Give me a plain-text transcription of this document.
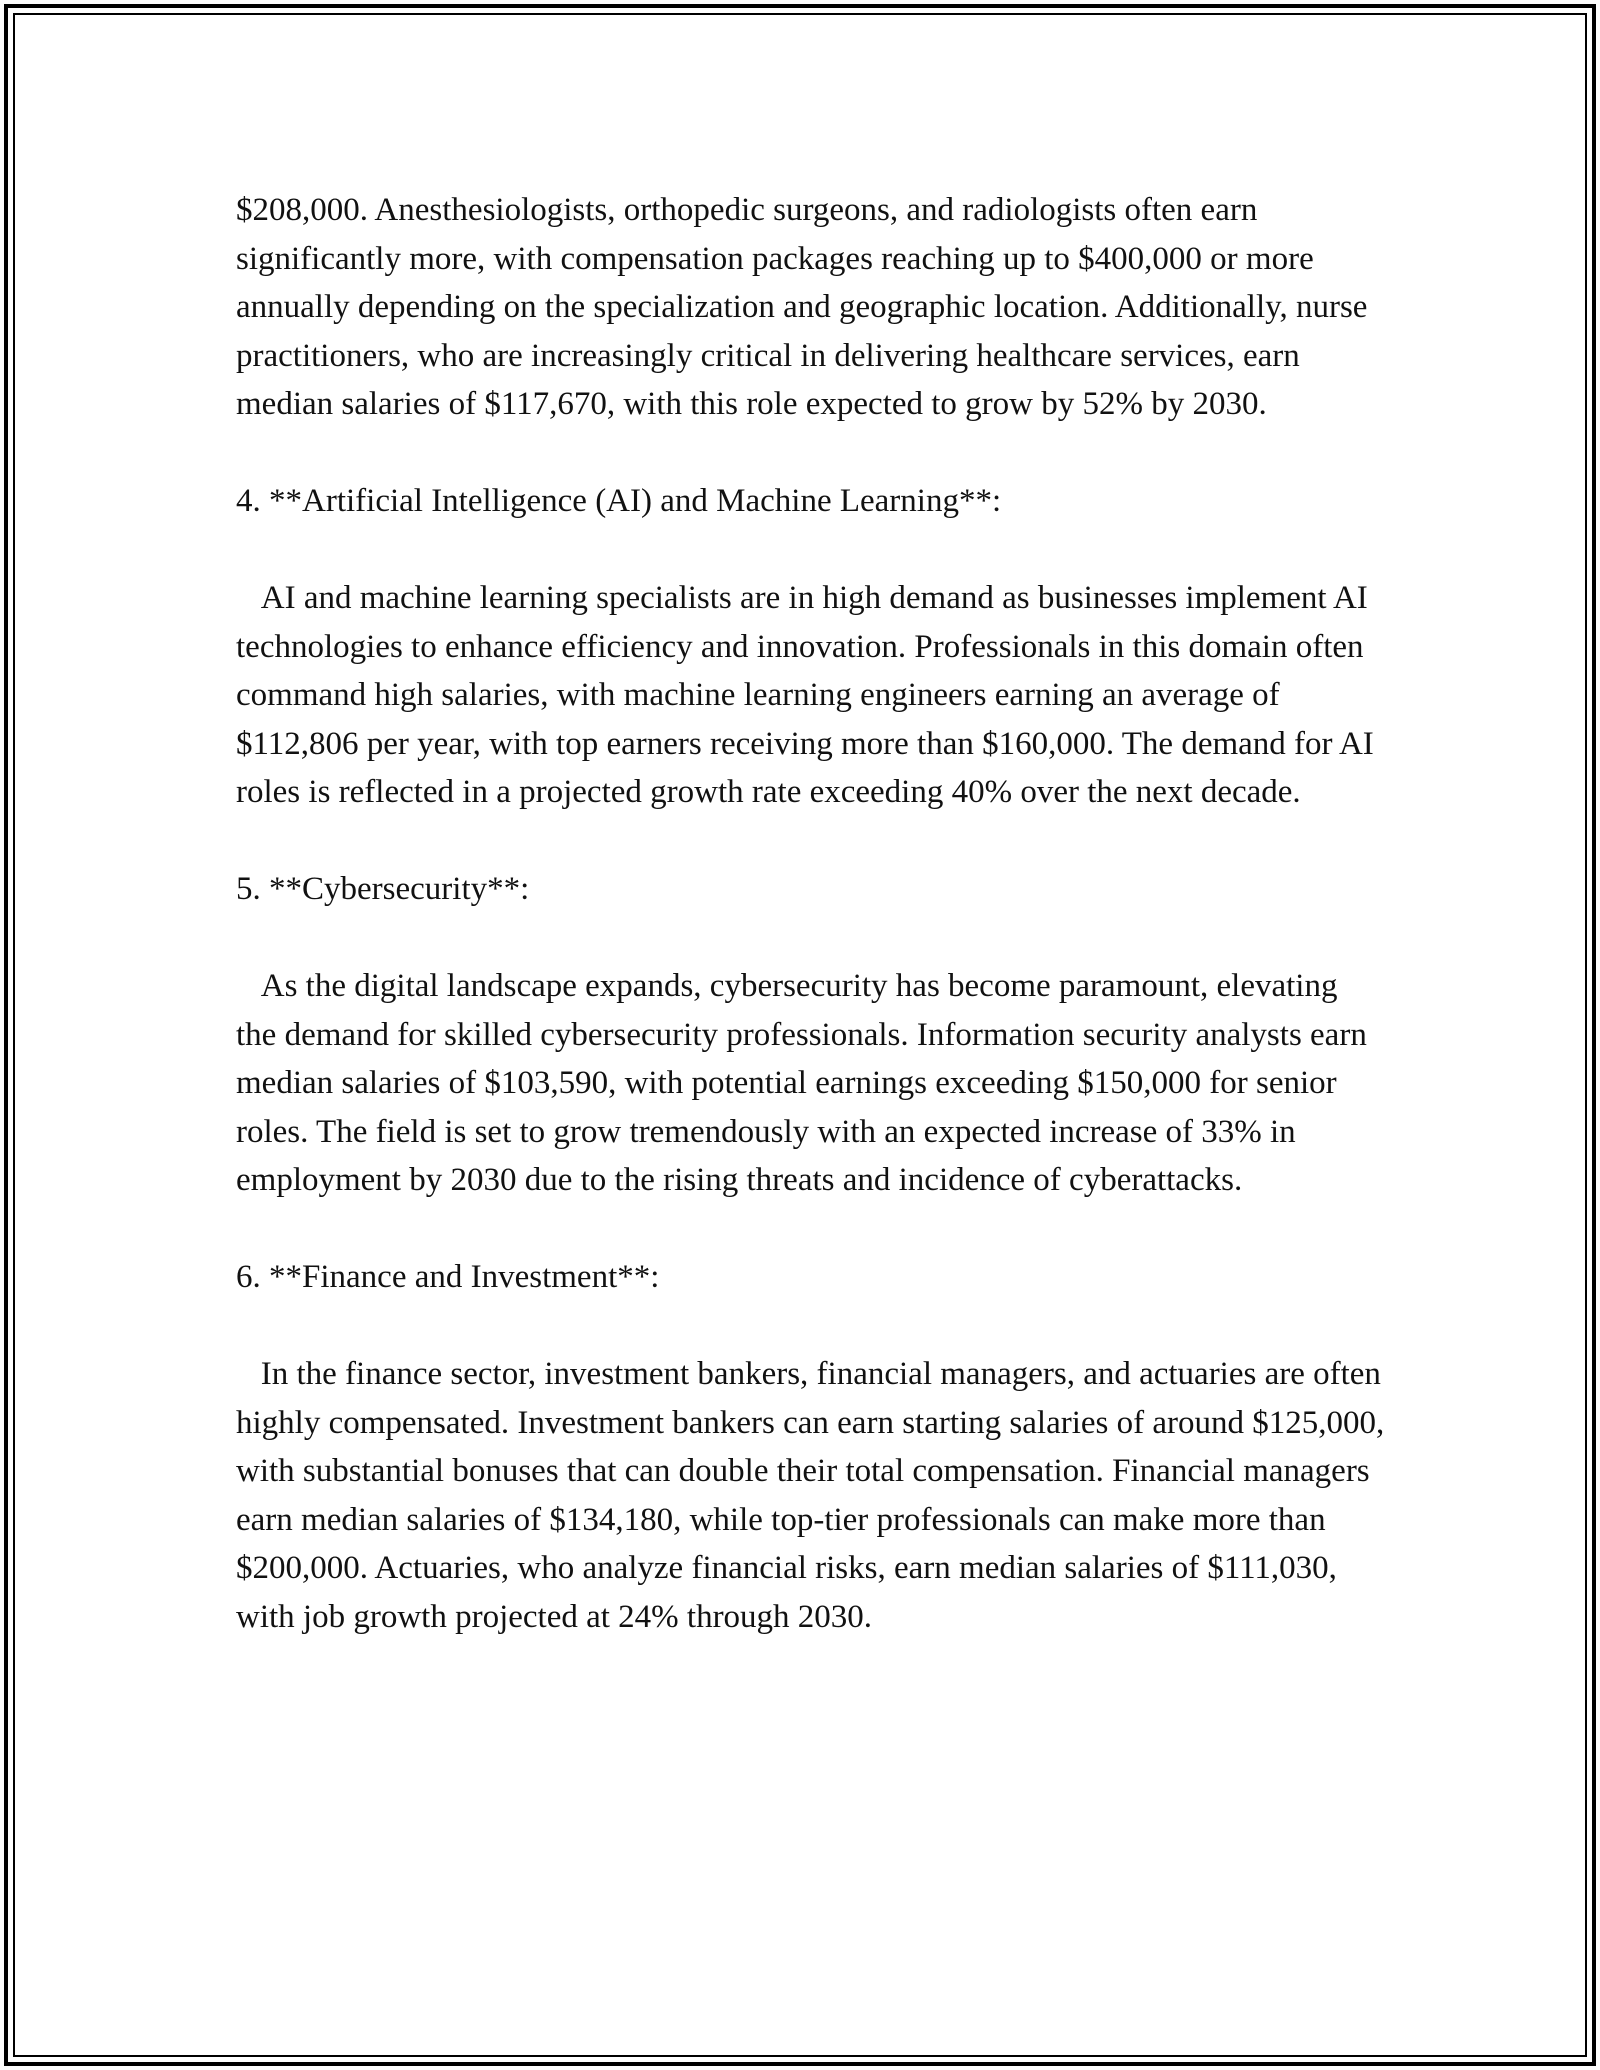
$208,000. Anesthesiologists, orthopedic surgeons, and radiologists often earn significantly more, with compensation packages reaching up to $400,000 or more annually depending on the specialization and geographic location. Additionally, nurse practitioners, who are increasingly critical in delivering healthcare services, earn median salaries of $117,670, with this role expected to grow by 52% by 2030.

4. **Artificial Intelligence (AI) and Machine Learning**:

AI and machine learning specialists are in high demand as businesses implement AI technologies to enhance efficiency and innovation. Professionals in this domain often command high salaries, with machine learning engineers earning an average of $112,806 per year, with top earners receiving more than $160,000. The demand for AI roles is reflected in a projected growth rate exceeding 40% over the next decade.

5. **Cybersecurity**:

As the digital landscape expands, cybersecurity has become paramount, elevating the demand for skilled cybersecurity professionals. Information security analysts earn median salaries of $103,590, with potential earnings exceeding $150,000 for senior roles. The field is set to grow tremendously with an expected increase of 33% in employment by 2030 due to the rising threats and incidence of cyberattacks.

6. **Finance and Investment**:

In the finance sector, investment bankers, financial managers, and actuaries are often highly compensated. Investment bankers can earn starting salaries of around $125,000, with substantial bonuses that can double their total compensation. Financial managers earn median salaries of $134,180, while top-tier professionals can make more than $200,000. Actuaries, who analyze financial risks, earn median salaries of $111,030, with job growth projected at 24% through 2030.
